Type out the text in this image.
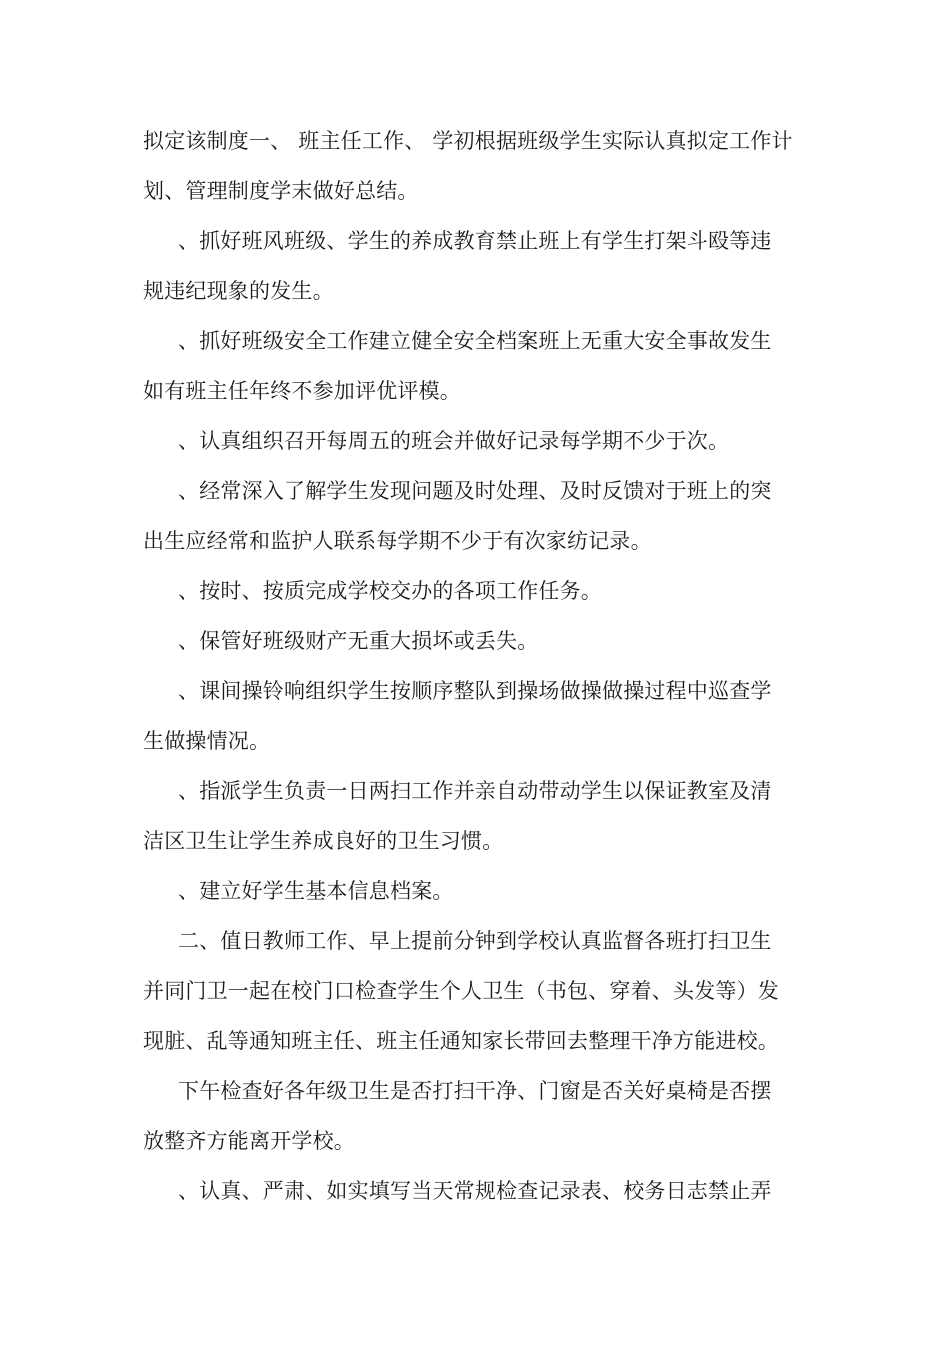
拟定该制度一、 班主任工作、 学初根据班级学生实际认真拟定工作计
划、管理制度学末做好总结。
、抓好班风班级、学生的养成教育禁止班上有学生打架斗殴等违
规违纪现象的发生。
、抓好班级安全工作建立健全安全档案班上无重大安全事故发生
如有班主任年终不参加评优评模。
、认真组织召开每周五的班会并做好记录每学期不少于次。
、经常深入了解学生发现问题及时处理、及时反馈对于班上的突
出生应经常和监护人联系每学期不少于有次家纺记录。
、按时、按质完成学校交办的各项工作任务。
、保管好班级财产无重大损坏或丢失。
、课间操铃响组织学生按顺序整队到操场做操做操过程中巡查学
生做操情况。
、指派学生负责一日两扫工作并亲自动带动学生以保证教室及清
洁区卫生让学生养成良好的卫生习惯。
、建立好学生基本信息档案。
二、值日教师工作、早上提前分钟到学校认真监督各班打扫卫生
并同门卫一起在校门口检查学生个人卫生（书包、穿着、头发等）发
现脏、乱等通知班主任、班主任通知家长带回去整理干净方能进校。
下午检查好各年级卫生是否打扫干净、门窗是否关好桌椅是否摆
放整齐方能离开学校。
、认真、严肃、如实填写当天常规检查记录表、校务日志禁止弄
